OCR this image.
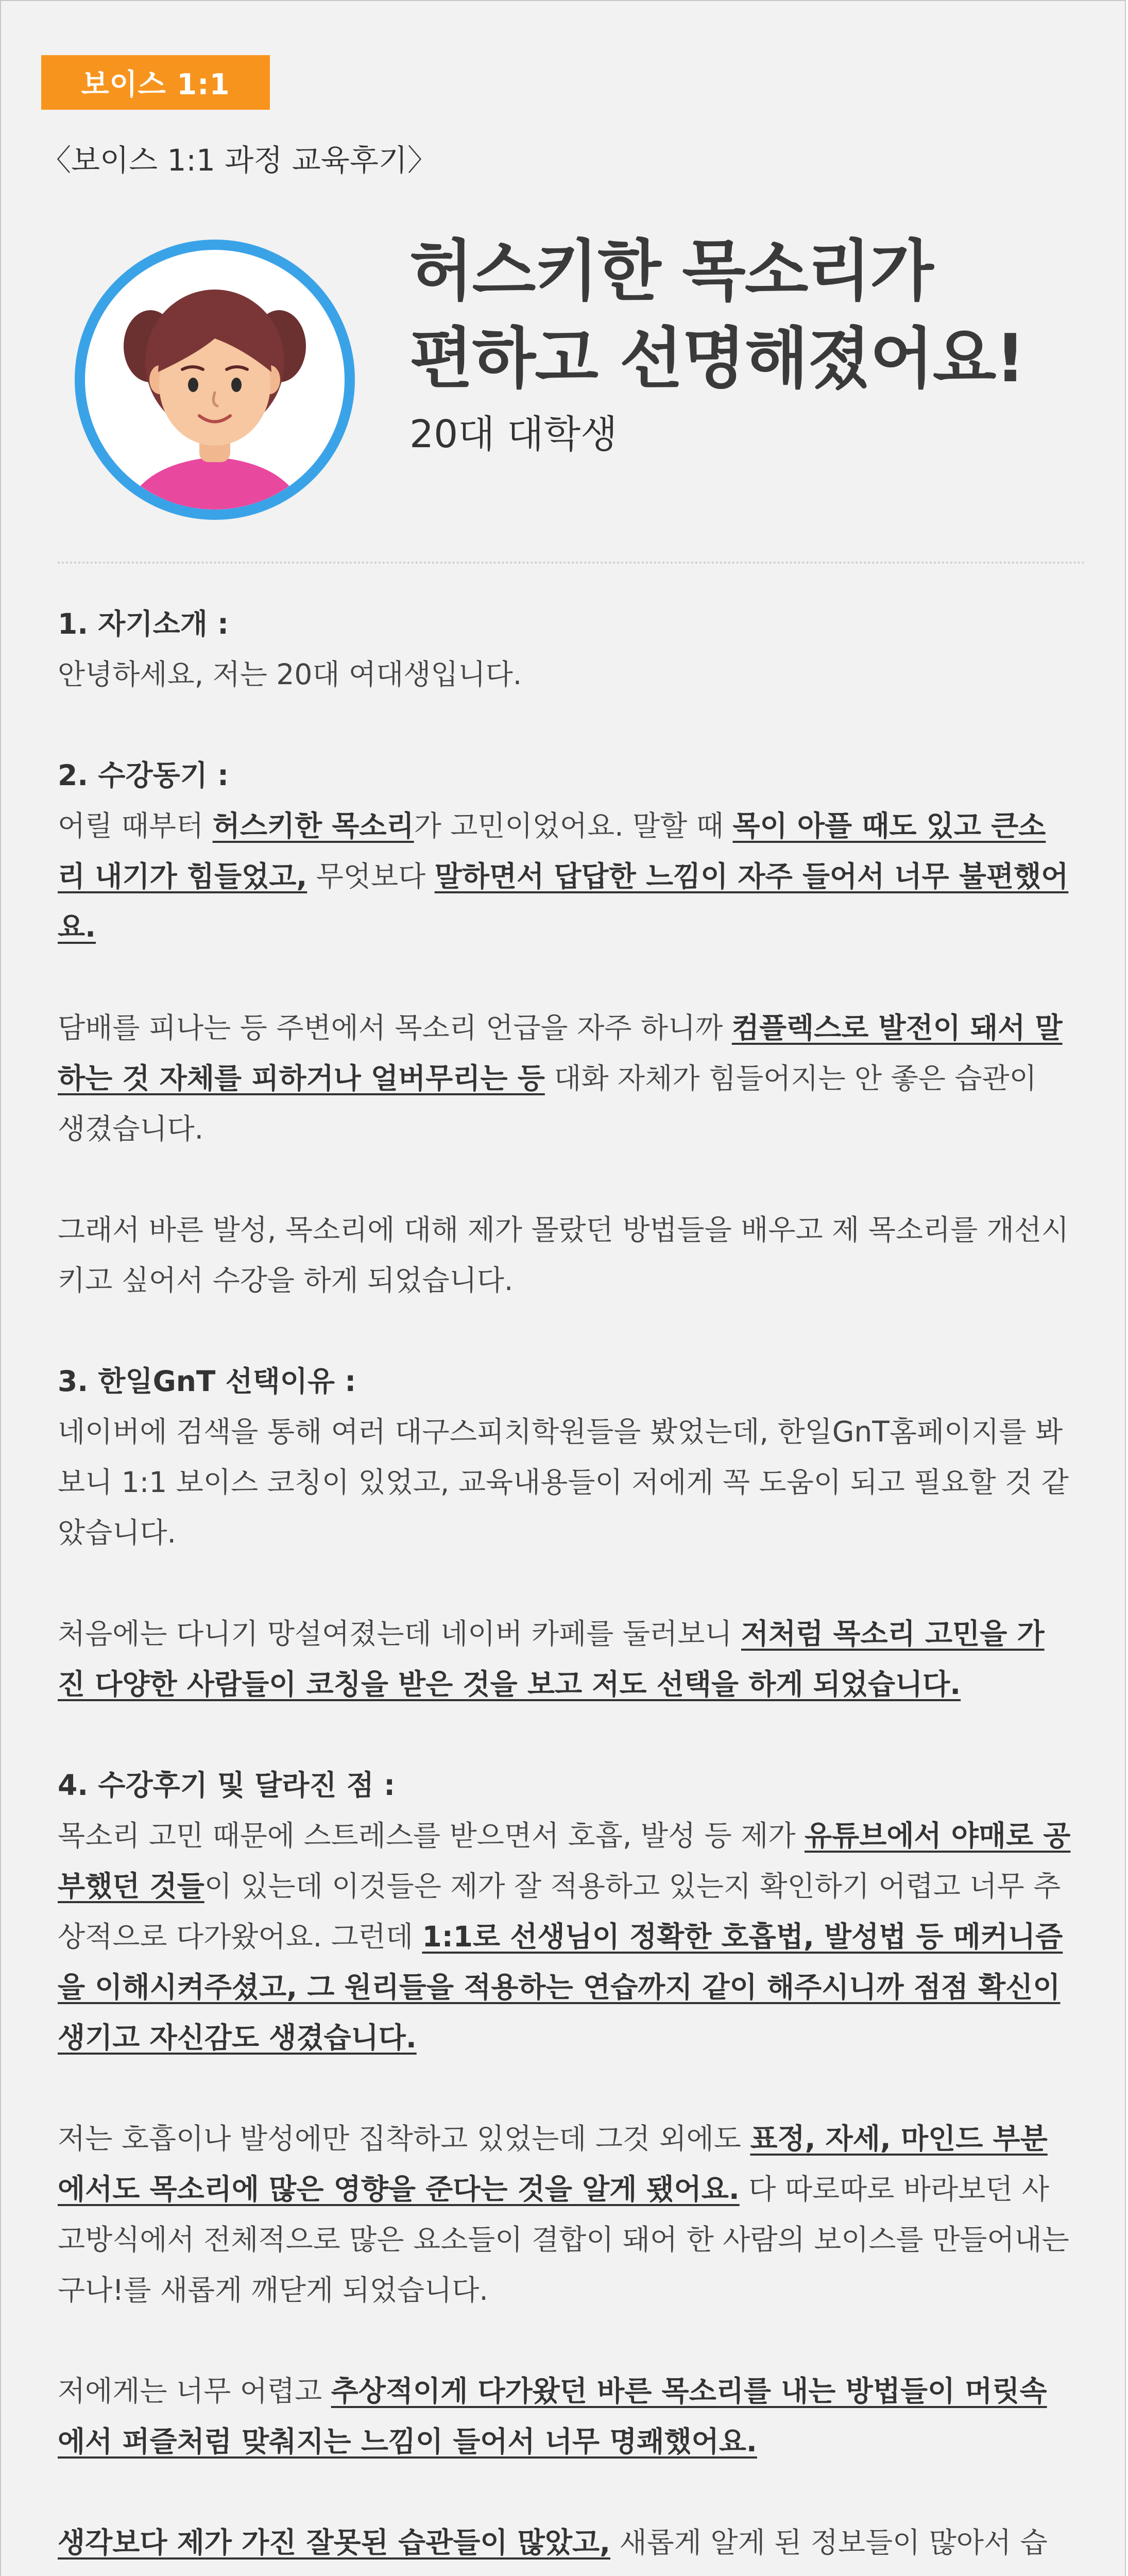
보이스 1:1
〈보이스 1:1 과정 교육후기〉
허스키한 목소리가
편하고 선명해졌어요!
20대 대학생

1. 자기소개 :

안녕하세요, 저는 20대 여대생입니다.

2. 수강동기 :

어릴 때부터 허스키한 목소리가 고민이었어요. 말할 때 목이 아플 때도 있고 큰소리 내기가 힘들었고, 무엇보다 말하면서 답답한 느낌이 자주 들어서 너무 불편했어요.

담배를 피나는 등 주변에서 목소리 언급을 자주 하니까 컴플렉스로 발전이 돼서 말하는 것 자체를 피하거나 얼버무리는 등 대화 자체가 힘들어지는 안 좋은 습관이 생겼습니다.

그래서 바른 발성, 목소리에 대해 제가 몰랐던 방법들을 배우고 제 목소리를 개선시키고 싶어서 수강을 하게 되었습니다.

3. 한일GnT 선택이유 :

네이버에 검색을 통해 여러 대구스피치학원들을 봤었는데, 한일GnT홈페이지를 봐보니 1:1 보이스 코칭이 있었고, 교육내용들이 저에게 꼭 도움이 되고 필요할 것 같았습니다.

처음에는 다니기 망설여졌는데 네이버 카페를 둘러보니 저처럼 목소리 고민을 가진 다양한 사람들이 코칭을 받은 것을 보고 저도 선택을 하게 되었습니다.

4. 수강후기 및 달라진 점 :

목소리 고민 때문에 스트레스를 받으면서 호흡, 발성 등 제가 유튜브에서 야매로 공부했던 것들이 있는데 이것들은 제가 잘 적용하고 있는지 확인하기 어렵고 너무 추상적으로 다가왔어요. 그런데 1:1로 선생님이 정확한 호흡법, 발성법 등 메커니즘을 이해시켜주셨고, 그 원리들을 적용하는 연습까지 같이 해주시니까 점점 확신이 생기고 자신감도 생겼습니다.

저는 호흡이나 발성에만 집착하고 있었는데 그것 외에도 표정, 자세, 마인드 부분에서도 목소리에 많은 영향을 준다는 것을 알게 됐어요. 다 따로따로 바라보던 사고방식에서 전체적으로 많은 요소들이 결합이 돼어 한 사람의 보이스를 만들어내는구나!를 새롭게 깨닫게 되었습니다.

저에게는 너무 어렵고 추상적이게 다가왔던 바른 목소리를 내는 방법들이 머릿속에서 퍼즐처럼 맞춰지는 느낌이 들어서 너무 명쾌했어요.

생각보다 제가 가진 잘못된 습관들이 많았고, 새롭게 알게 된 정보들이 많아서 습
